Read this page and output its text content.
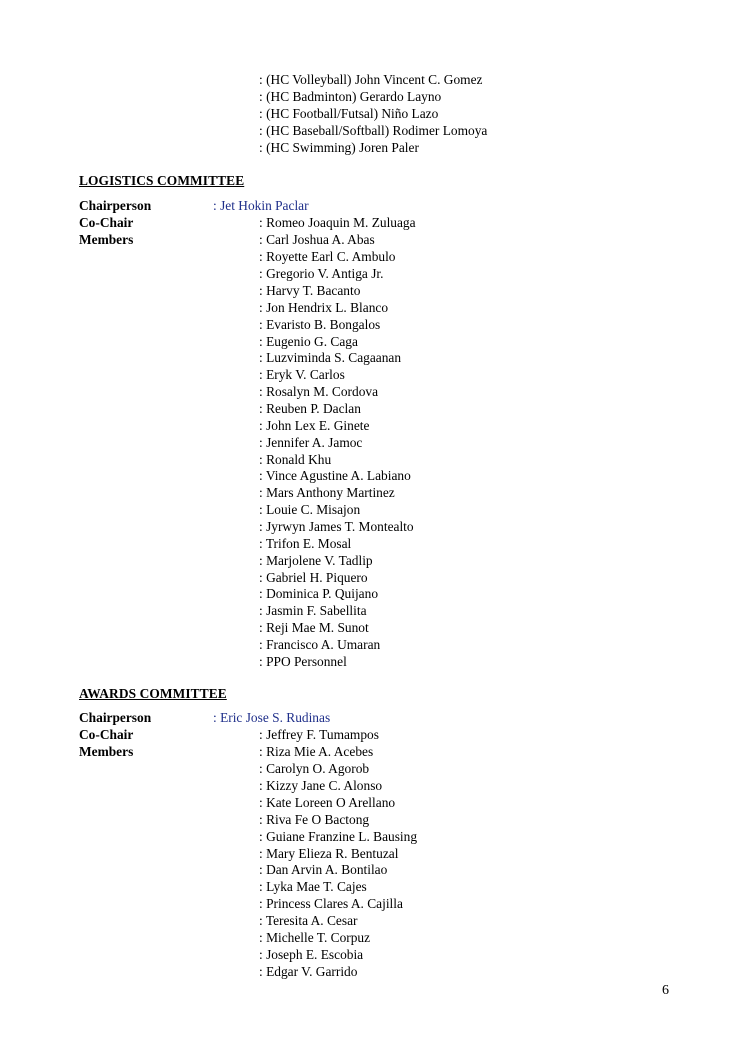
: (HC Volleyball) John Vincent C. Gomez
: (HC Badminton) Gerardo Layno
: (HC Football/Futsal) Niño Lazo
: (HC Baseball/Softball) Rodimer Lomoya
: (HC Swimming) Joren Paler
LOGISTICS COMMITTEE
Chairperson	: Jet Hokin Paclar
Co-Chair	: Romeo Joaquin M. Zuluaga
Members	: Carl Joshua A. Abas
: Royette Earl C. Ambulo
: Gregorio V. Antiga Jr.
: Harvy T. Bacanto
: Jon Hendrix L. Blanco
: Evaristo B. Bongalos
: Eugenio G. Caga
: Luzviminda S. Cagaanan
: Eryk V. Carlos
: Rosalyn M. Cordova
: Reuben P. Daclan
: John Lex E. Ginete
: Jennifer A. Jamoc
: Ronald Khu
: Vince Agustine A. Labiano
: Mars Anthony Martinez
: Louie C. Misajon
: Jyrwyn James T. Montealto
: Trifon E. Mosal
: Marjolene V. Tadlip
: Gabriel H. Piquero
: Dominica P. Quijano
: Jasmin F. Sabellita
: Reji Mae M. Sunot
: Francisco A. Umaran
: PPO Personnel
AWARDS COMMITTEE
Chairperson	: Eric Jose S. Rudinas
Co-Chair	: Jeffrey F. Tumampos
Members	: Riza Mie A. Acebes
: Carolyn O. Agorob
: Kizzy Jane C. Alonso
: Kate Loreen O Arellano
: Riva Fe O Bactong
: Guiane Franzine L. Bausing
: Mary Elieza R. Bentuzal
: Dan Arvin A. Bontilao
: Lyka Mae T. Cajes
: Princess Clares A. Cajilla
: Teresita A. Cesar
: Michelle T. Corpuz
: Joseph E. Escobia
: Edgar V. Garrido
6
